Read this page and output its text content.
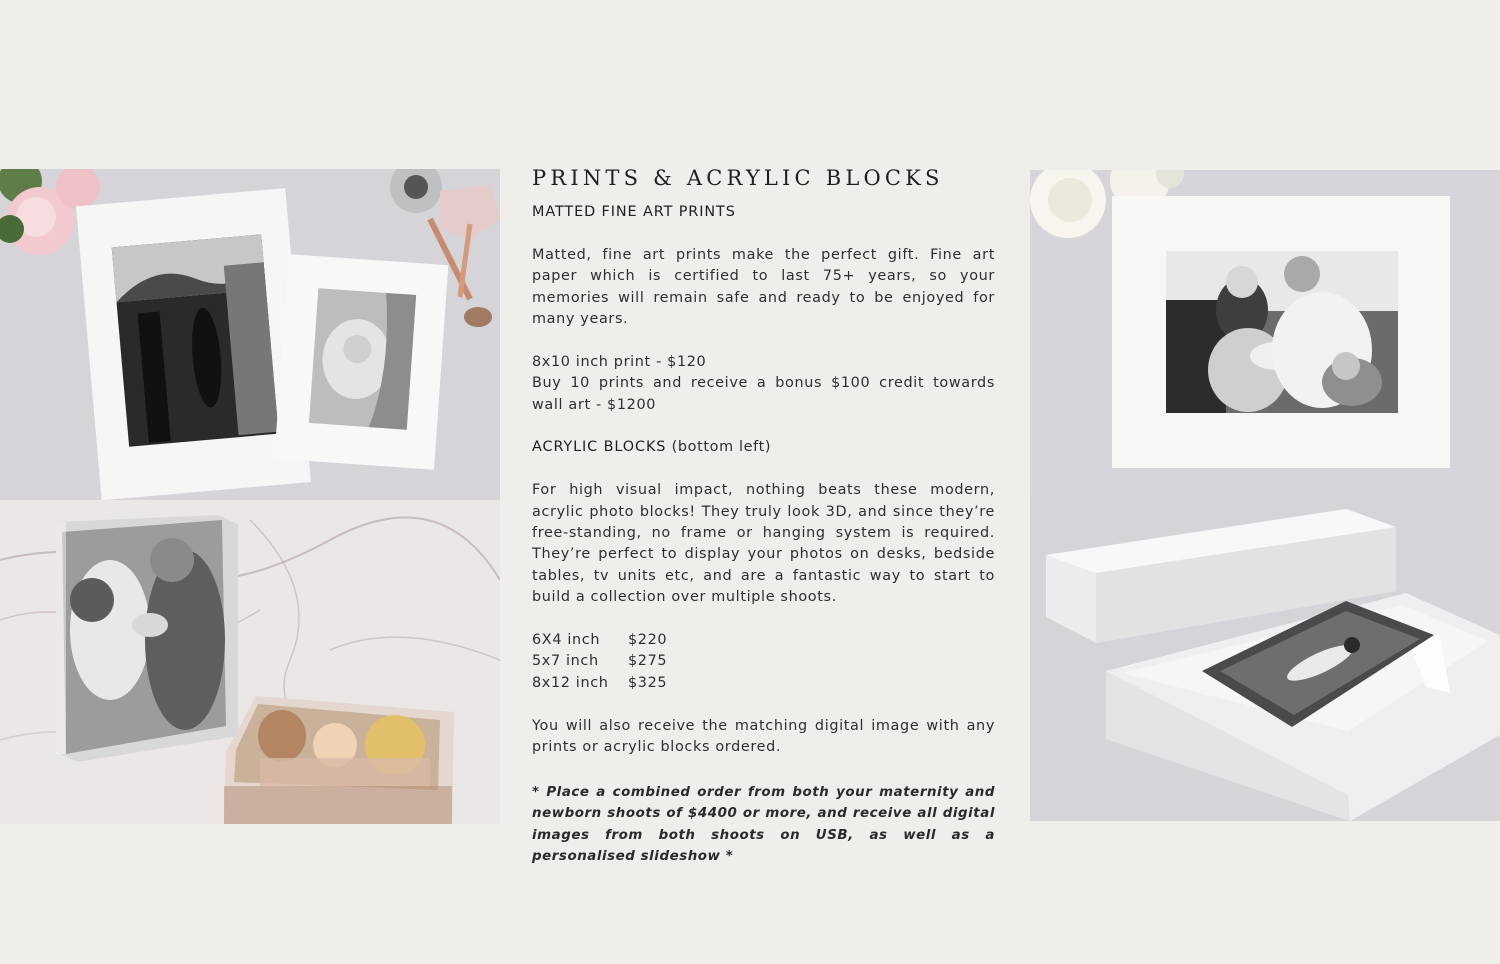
PRINTS & ACRYLIC BLOCKS
MATTED FINE ART PRINTS

Matted, fine art prints make the perfect gift. Fine art paper which is certified to last 75+ years, so your memories will remain safe and ready to be enjoyed for many years.

8x10 inch print - $120
Buy 10 prints and receive a bonus $100 credit towards wall art - $1200
ACRYLIC BLOCKS (bottom left)

For high visual impact, nothing beats these modern, acrylic photo blocks! They truly look 3D, and since they’re free-standing, no frame or hanging system is required. They’re perfect to display your photos on desks, bedside tables, tv units etc, and are a fantastic way to start to build a collection over multiple shoots.

6X4 inch	$220
5x7 inch	$275
8x12 inch	$325

You will also receive the matching digital image with any prints or acrylic blocks ordered.

* Place a combined order from both your maternity and newborn shoots of $4400 or more, and receive all digital images from both shoots on USB, as well as a personalised slideshow *
